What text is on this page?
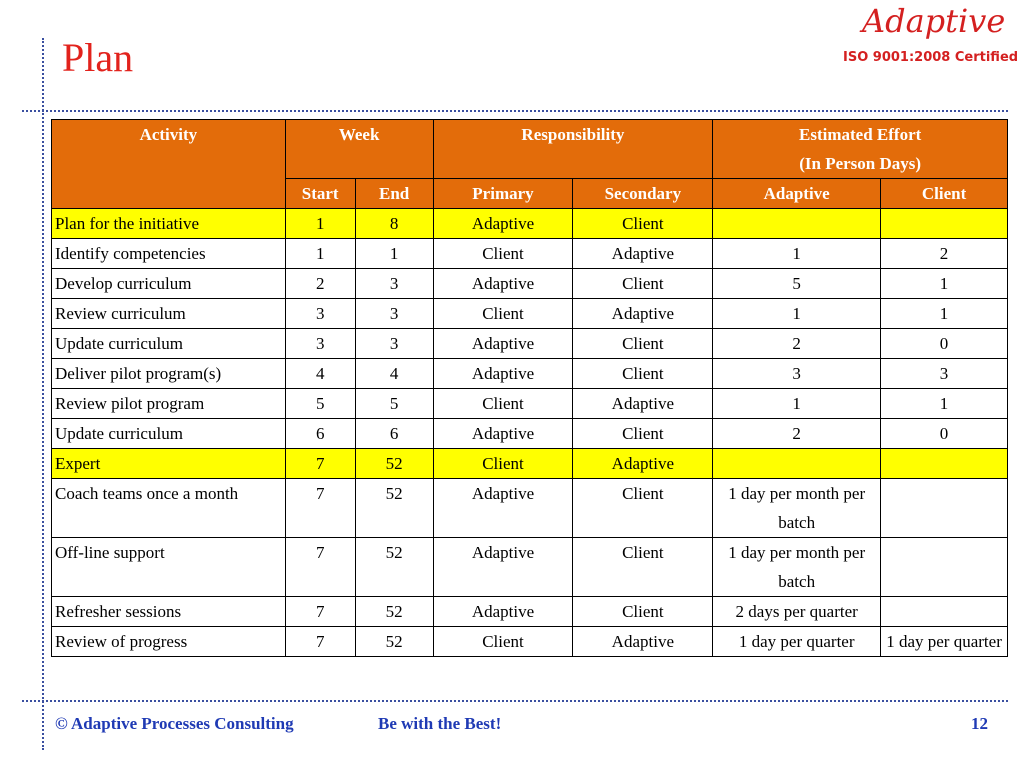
Plan
Adaptive
ISO 9001:2008 Certified
Activity	Week		Responsibility		Estimated Effort
(In Person Days)	
	Start	End	Primary	Secondary	Adaptive	Client
Plan for the initiative	1	8	Adaptive	Client		
Identify competencies	1	1	Client	Adaptive	1	2
Develop curriculum	2	3	Adaptive	Client	5	1
Review curriculum	3	3	Client	Adaptive	1	1
Update curriculum	3	3	Adaptive	Client	2	0
Deliver pilot program(s)	4	4	Adaptive	Client	3	3
Review pilot program	5	5	Client	Adaptive	1	1
Update curriculum	6	6	Adaptive	Client	2	0
Expert	7	52	Client	Adaptive		
Coach teams once a month	7	52	Adaptive	Client	1 day per month per batch	
Off-line support	7	52	Adaptive	Client	1 day per month per batch	
Refresher sessions	7	52	Adaptive	Client	2 days per quarter	
Review of progress	7	52	Client	Adaptive	1 day per quarter	1 day per quarter
© Adaptive Processes Consulting	Be with the Best!	12
